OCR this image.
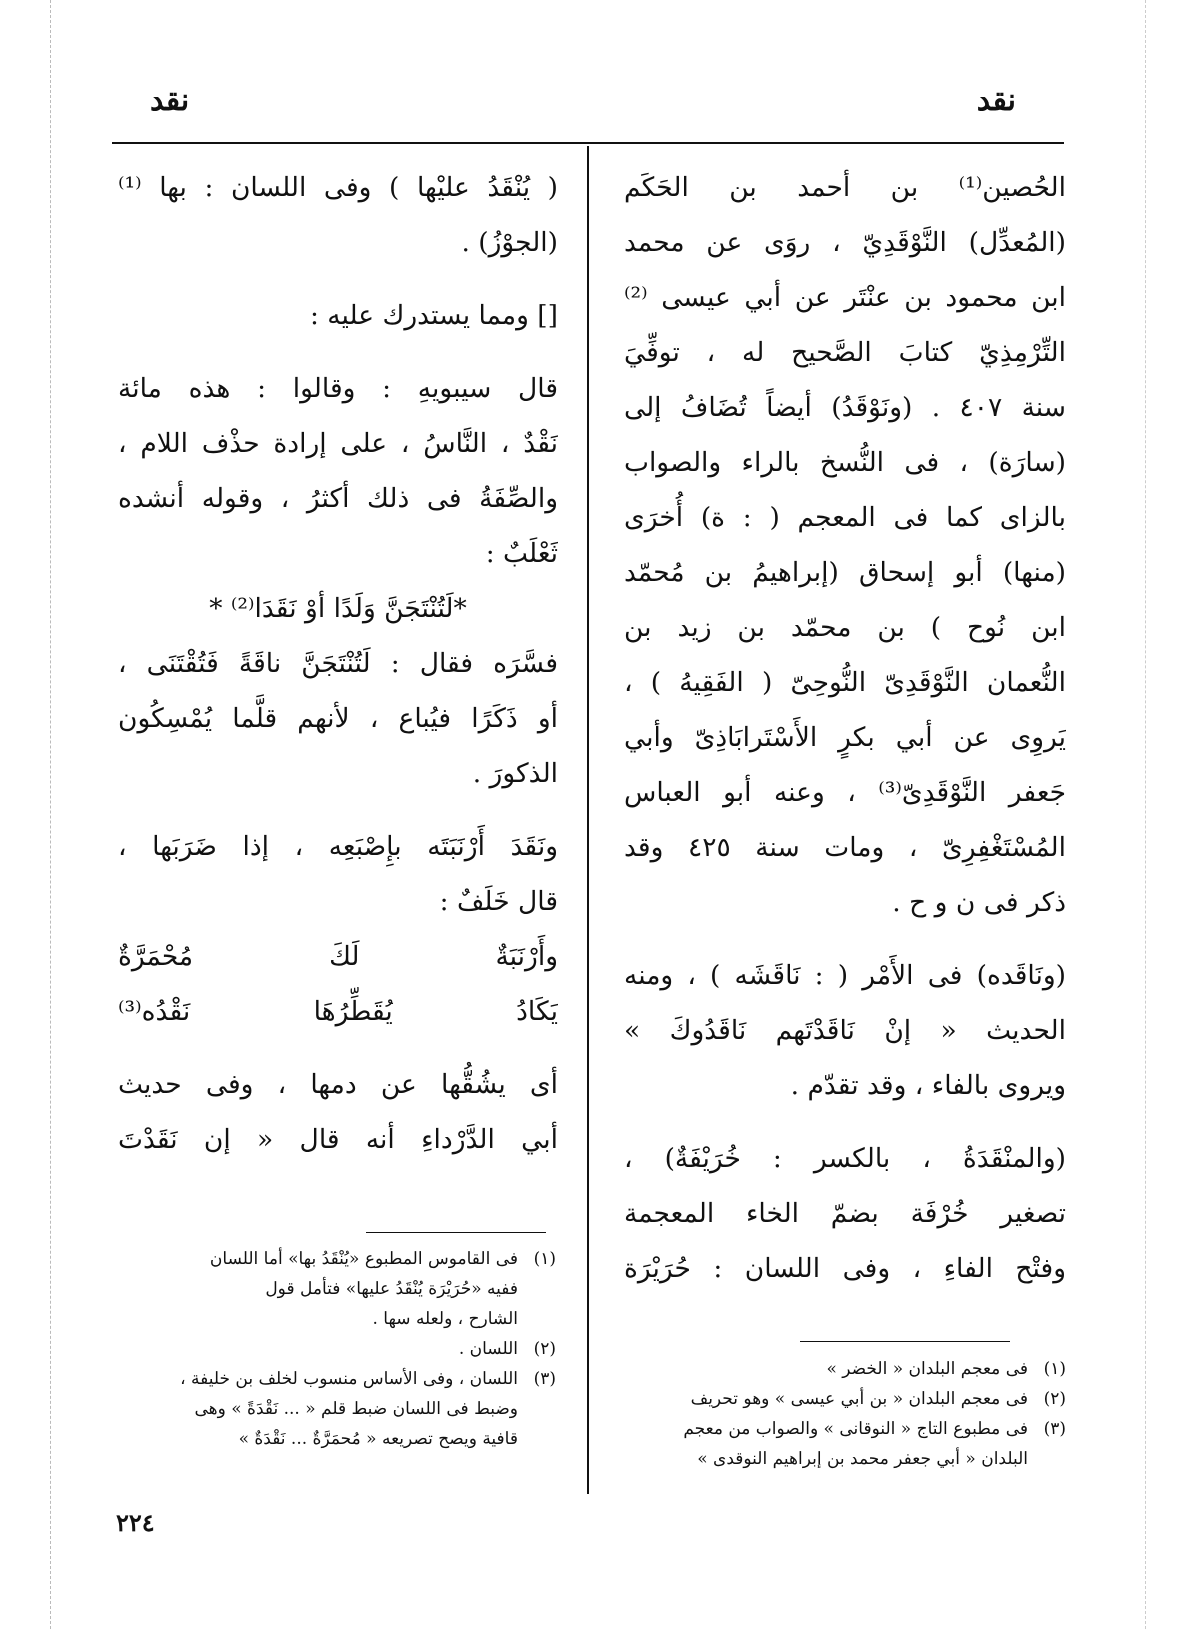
نقد
نقد
الحُصين⁽¹⁾ بن أحمد بن الحَكَم
(المُعدِّل) النَّوْقَدِيّ ، روَى عن محمد
ابن محمود بن عنْتَر عن أبي عيسى ⁽²⁾
التِّرْمِذِيّ كتابَ الصَّحيح له ، توفِّيَ
سنة ٤٠٧ . (ونَوْقَدُ) أيضاً تُضَافُ إلى
(سارَة) ، فى النُّسخ بالراء والصواب
بالزاى كما فى المعجم ( : ة) أُخرَى
(منها) أبو إسحاق (إبراهيمُ بن مُحمّد
ابن نُوح ) بن محمّد بن زيد بن
النُّعمان النَّوْقَدِىّ النُّوحِىّ ( الفَقِيهُ ) ،
يَروِى عن أبي بكرٍ الأَسْتَرابَاذِىّ وأبي
جَعفر النَّوْقَدِىّ⁽³⁾ ، وعنه أبو العباس
المُسْتَغْفِرِىّ ، ومات سنة ٤٢٥ وقد
ذكر فى ن و ح .
(ونَاقَده) فى الأَمْر ( : نَاقَشَه ) ، ومنه
الحديث « إنْ نَاقَدْتَهم نَاقَدُوكَ »
ويروى بالفاء ، وقد تقدّم .
(والمنْقَدَةُ ، بالكسر : خُرَيْفَةٌ) ،
تصغير خُرْفَة بضمّ الخاء المعجمة
وفتْح الفاءِ ، وفى اللسان : حُرَيْرَة
( يُنْقَدُ عليْها ) وفى اللسان : بها ⁽¹⁾
(الجوْزُ) .
[] ومما يستدرك عليه :
قال سيبويهِ : وقالوا : هذه مائة
نَقْدٌ ، النَّاسُ ، على إرادة حذْف اللام ،
والصِّفَةُ فى ذلك أكثرُ ، وقوله أنشده
ثَعْلَبٌ :
*لَتُنْتَجَنَّ وَلَدًا أوْ نَقَدَا⁽²⁾ *
فسَّرَه فقال : لَتُنْتَجَنَّ ناقَةً فَتُقْتَنَى ،
أو ذَكَرًا فيُباع ، لأنهم قلَّما يُمْسِكُون
الذكورَ .
ونَقَدَ أَرْنَبَتَه بإِصْبَعِه ، إذا ضَرَبَها ،
قال خَلَفٌ :
وأَرْنَبَةٌ لَكَ مُحْمَرَّةٌ
يَكَادُ يُقَطِّرُهَا نَقْدُه⁽³⁾
أى يشُقُّها عن دمها ، وفى حديث
أبي الدَّرْداءِ أنه قال « إن نَقَدْتَ
(١)فى القاموس المطبوع «يُنْقَدُ بها» أما اللسان
ففيه «حُرَيْرَة يُنْقَدُ عليها» فتأمل قول
الشارح ، ولعله سها .
(٢)اللسان .
(٣)اللسان ، وفى الأساس منسوب لخلف بن خليفة ،
وضبط فى اللسان ضبط قلم « ... نَقْدَةً » وهى
قافية ويصح تصريعه « مُحمَرَّةٌ ... نَقْدَةٌ »
(١)فى معجم البلدان « الخضر »
(٢)فى معجم البلدان « بن أبي عيسى » وهو تحريف
(٣)فى مطبوع التاج « النوقانى » والصواب من معجم
البلدان « أبي جعفر محمد بن إبراهيم النوقدى »
٢٢٤
